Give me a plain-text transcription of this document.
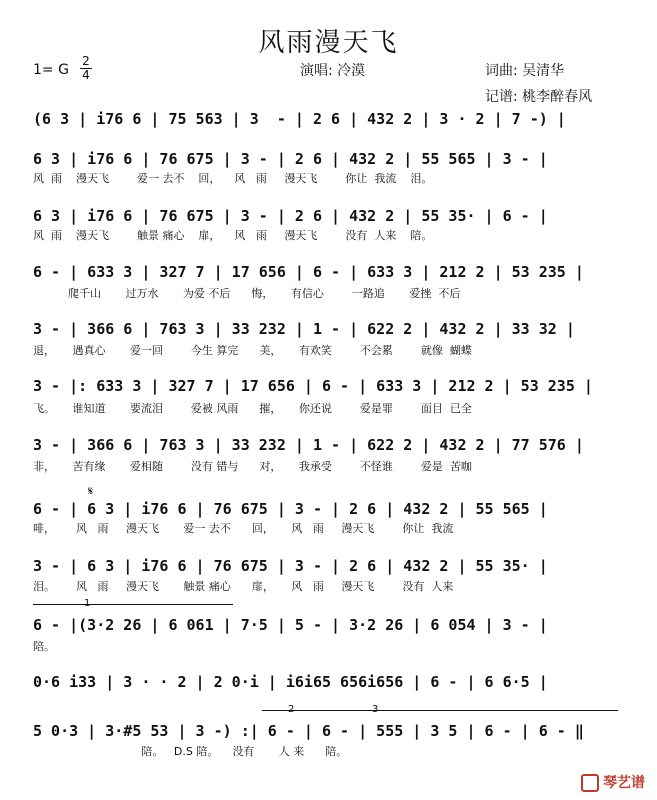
风雨漫天飞
1= G
2
4	演唱: 冷漠	词曲: 吴清华
记谱: 桃李醉春风
(6 3 | i76 6 | 75 563 | 3  - | 2 6 | 432 2 | 3 · 2 | 7 -) |
6 3 | i76 6 | 76 675 | 3 - | 2 6 | 432 2 | 55 565 | 3 - |
风  雨    漫天飞        爱一 去不    回，    风   雨     漫天飞        你让  我流    泪。
6 3 | i76 6 | 76 675 | 3 - | 2 6 | 432 2 | 55 35· | 6 - |
风  雨    漫天飞        触景 痛心    扉，    风   雨     漫天飞        没有  人来    陪。
6 - | 633 3 | 327 7 | 17 656 | 6 - | 633 3 | 212 2 | 53 235 |
爬千山       过万水       为爱 不后      悔，     有信心        一路追       爱挫  不后
3 - | 366 6 | 763 3 | 33 232 | 1 - | 622 2 | 432 2 | 33 32 |
退，     遇真心       爱一回        今生 算完      美，     有欢笑        不会累        就像  蝴蝶
3 - |: 633 3 | 327 7 | 17 656 | 6 - | 633 3 | 212 2 | 53 235 |
飞。     谁知道       要流泪        爱被 风雨      摧，     你还说        爱是罪        面目  已全
3 - | 366 6 | 763 3 | 33 232 | 1 - | 622 2 | 432 2 | 77 576 |
非，     苦有缘       爱相随        没有 错与      对，     我承受        不怪谁        爱是  苦咖
6 - | 6 3 | i76 6 | 76 675 | 3 - | 2 6 | 432 2 | 55 565 |
啡，      风   雨     漫天飞       爱一 去不      回，     风   雨     漫天飞        你让  我流
𝄋
3 - | 6 3 | i76 6 | 76 675 | 3 - | 2 6 | 432 2 | 55 35· |
泪。      风   雨     漫天飞       触景 痛心      扉，     风   雨     漫天飞        没有  人来
1
6 - |(3·2 26 | 6 061 | 7·5 | 5 - | 3·2 26 | 6 054 | 3 - |
陪。
0·6 i33 | 3 · · 2 | 2 0·i | i6i65 656i656 | 6 - | 6 6·5 |
2	3
5 0·3 | 3·#5 53 | 3 -) :| 6 - | 6 - | 555 | 3 5 | 6 - | 6 - ‖
陪。   D.S 陪。    没有       人 来      陪。
琴艺谱
